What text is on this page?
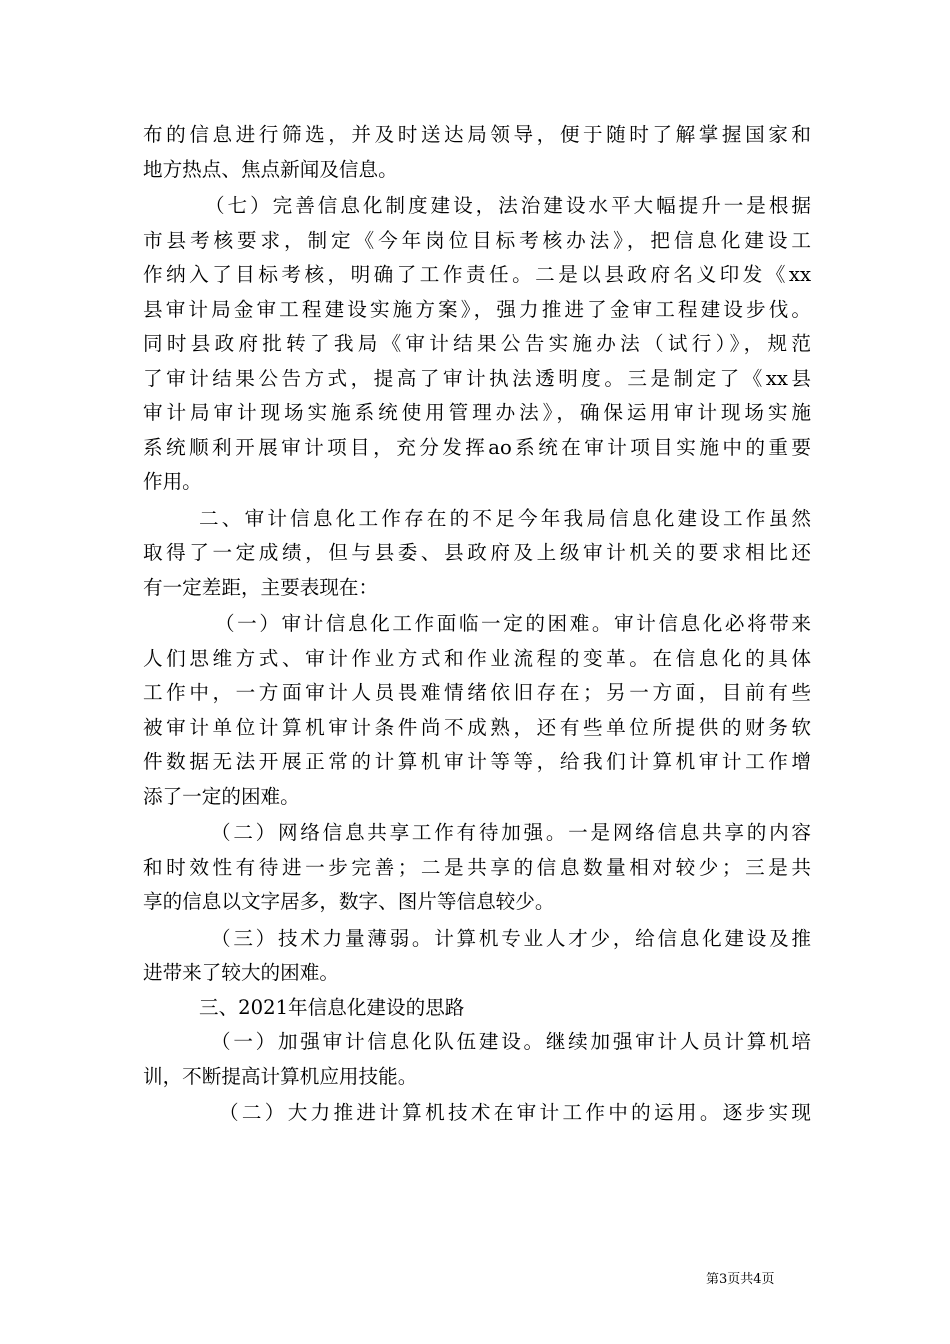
布的信息进行筛选，并及时送达局领导，便于随时了解掌握国家和
地方热点、焦点新闻及信息。
（七）完善信息化制度建设，法治建设水平大幅提升一是根据
市县考核要求，制定《今年岗位目标考核办法》，把信息化建设工
作纳入了目标考核，明确了工作责任。二是以县政府名义印发《xx
县审计局金审工程建设实施方案》，强力推进了金审工程建设步伐。
同时县政府批转了我局《审计结果公告实施办法（试行）》，规范
了审计结果公告方式，提高了审计执法透明度。三是制定了《xx县
审计局审计现场实施系统使用管理办法》，确保运用审计现场实施
系统顺利开展审计项目，充分发挥ao系统在审计项目实施中的重要
作用。
二、审计信息化工作存在的不足今年我局信息化建设工作虽然
取得了一定成绩，但与县委、县政府及上级审计机关的要求相比还
有一定差距，主要表现在：
（一）审计信息化工作面临一定的困难。审计信息化必将带来
人们思维方式、审计作业方式和作业流程的变革。在信息化的具体
工作中，一方面审计人员畏难情绪依旧存在；另一方面，目前有些
被审计单位计算机审计条件尚不成熟，还有些单位所提供的财务软
件数据无法开展正常的计算机审计等等，给我们计算机审计工作增
添了一定的困难。
（二）网络信息共享工作有待加强。一是网络信息共享的内容
和时效性有待进一步完善；二是共享的信息数量相对较少；三是共
享的信息以文字居多，数字、图片等信息较少。
（三）技术力量薄弱。计算机专业人才少，给信息化建设及推
进带来了较大的困难。
三、2021年信息化建设的思路
（一）加强审计信息化队伍建设。继续加强审计人员计算机培
训，不断提高计算机应用技能。
（二）大力推进计算机技术在审计工作中的运用。逐步实现
第3页共4页
